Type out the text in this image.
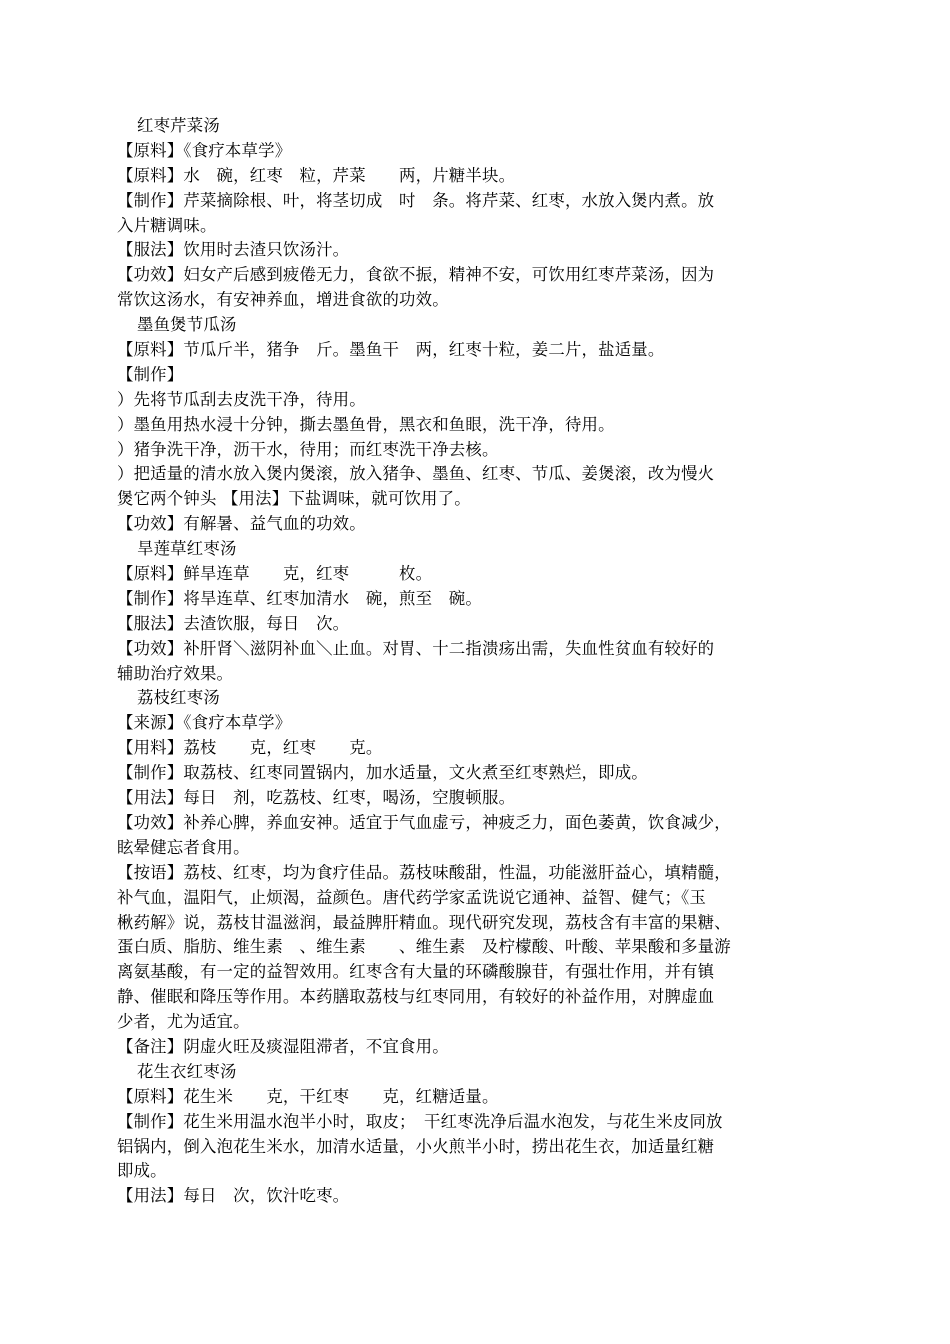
红枣芹菜汤
【原料】《食疗本草学》
【原料】水　碗，红枣　粒，芹菜　　两，片糖半块。
【制作】芹菜摘除根、叶，将茎切成　吋　条。将芹菜、红枣，水放入煲内煮。放
入片糖调味。
【服法】饮用时去渣只饮汤汁。
【功效】妇女产后感到疲倦无力，食欲不振，精神不安，可饮用红枣芹菜汤，因为
常饮这汤水，有安神养血，增进食欲的功效。
墨鱼煲节瓜汤
【原料】节瓜斤半，猪争　斤。墨鱼干　两，红枣十粒，姜二片，盐适量。
【制作】
）先将节瓜刮去皮洗干净，待用。
）墨鱼用热水浸十分钟，撕去墨鱼骨，黑衣和鱼眼，洗干净，待用。
）猪争洗干净，沥干水，待用；而红枣洗干净去核。
）把适量的清水放入煲内煲滚，放入猪争、墨鱼、红枣、节瓜、姜煲滚，改为慢火
煲它两个钟头 【用法】下盐调味，就可饮用了。
【功效】有解暑、益气血的功效。
旱莲草红枣汤
【原料】鲜旱连草　　克，红枣　　　枚。
【制作】将旱连草、红枣加清水　碗，煎至　碗。
【服法】去渣饮服，每日　次。
【功效】补肝肾＼滋阴补血＼止血。对胃、十二指溃疡出需，失血性贫血有较好的
辅助治疗效果。
荔枝红枣汤
【来源】《食疗本草学》
【用料】荔枝　　克，红枣　　克。
【制作】取荔枝、红枣同置锅内，加水适量，文火煮至红枣熟烂，即成。
【用法】每日　剂，吃荔枝、红枣，喝汤，空腹顿服。
【功效】补养心脾，养血安神。适宜于气血虚亏，神疲乏力，面色萎黄，饮食减少，
眩晕健忘者食用。
【按语】荔枝、红枣，均为食疗佳品。荔枝味酸甜，性温，功能滋肝益心，填精髓，
补气血，温阳气，止烦渴，益颜色。唐代药学家孟诜说它通神、益智、健气；《玉
楸药解》说，荔枝甘温滋润，最益脾肝精血。现代研究发现，荔枝含有丰富的果糖、
蛋白质、脂肪、维生素　、维生素　　、维生素　及柠檬酸、叶酸、苹果酸和多量游
离氨基酸，有一定的益智效用。红枣含有大量的环磷酸腺苷，有强壮作用，并有镇
静、催眠和降压等作用。本药膳取荔枝与红枣同用，有较好的补益作用，对脾虚血
少者，尤为适宜。
【备注】阴虚火旺及痰湿阻滞者，不宜食用。
花生衣红枣汤
【原料】花生米　　克，干红枣　　克，红糖适量。
【制作】花生米用温水泡半小时，取皮；　干红枣洗净后温水泡发，与花生米皮同放
铝锅内，倒入泡花生米水，加清水适量，小火煎半小时，捞出花生衣，加适量红糖
即成。
【用法】每日　次，饮汁吃枣。
